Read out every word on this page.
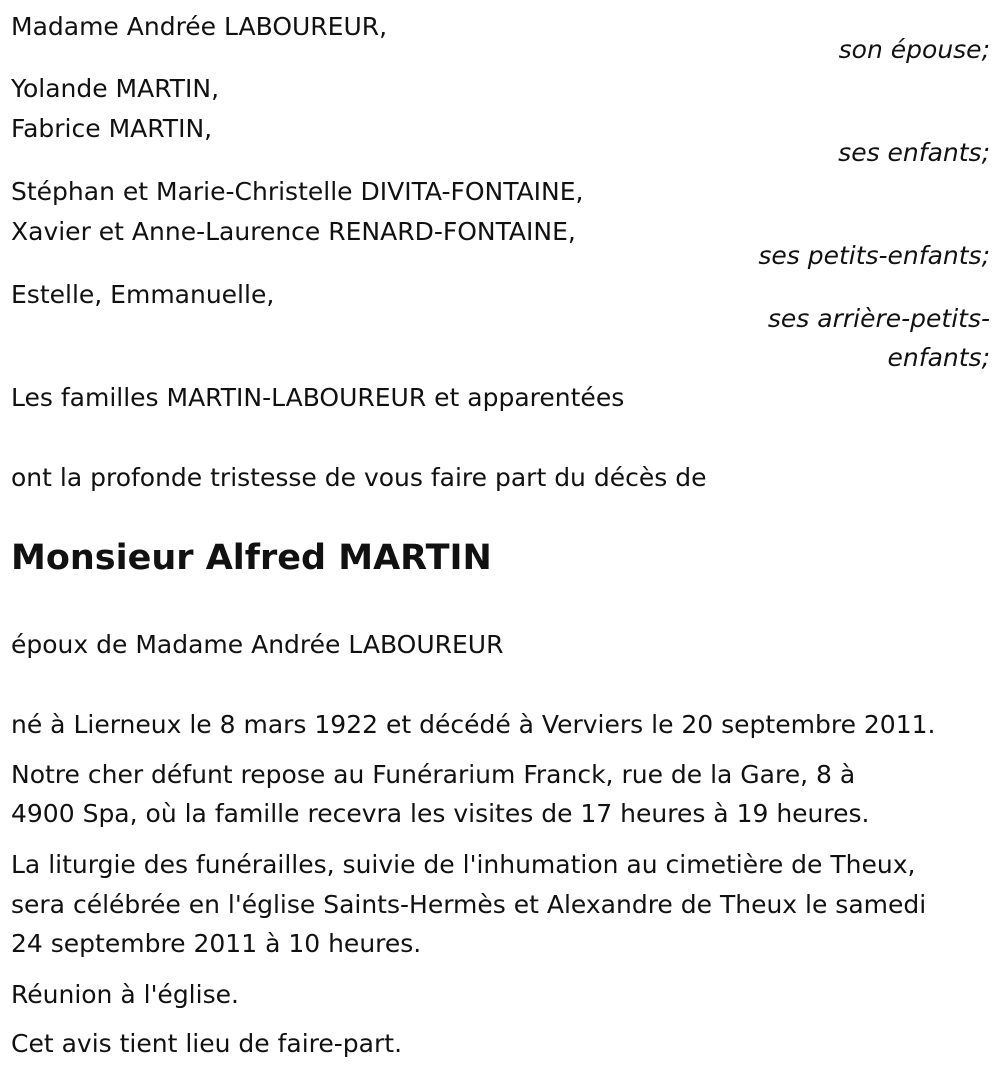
Madame Andrée LABOUREUR,
son épouse;
Yolande MARTIN,
Fabrice MARTIN,
ses enfants;
Stéphan et Marie-Christelle DIVITA-FONTAINE,
Xavier et Anne-Laurence RENARD-FONTAINE,
ses petits-enfants;
Estelle, Emmanuelle,
ses arrière-petits-
enfants;
Les familles MARTIN-LABOUREUR et apparentées
ont la profonde tristesse de vous faire part du décès de
Monsieur Alfred MARTIN
époux de Madame Andrée LABOUREUR
né à Lierneux le 8 mars 1922 et décédé à Verviers le 20 septembre 2011.
Notre cher défunt repose au Funérarium Franck, rue de la Gare, 8 à
4900 Spa, où la famille recevra les visites de 17 heures à 19 heures.
La liturgie des funérailles, suivie de l'inhumation au cimetière de Theux,
sera célébrée en l'église Saints-Hermès et Alexandre de Theux le samedi
24 septembre 2011 à 10 heures.
Réunion à l'église.
Cet avis tient lieu de faire-part.
